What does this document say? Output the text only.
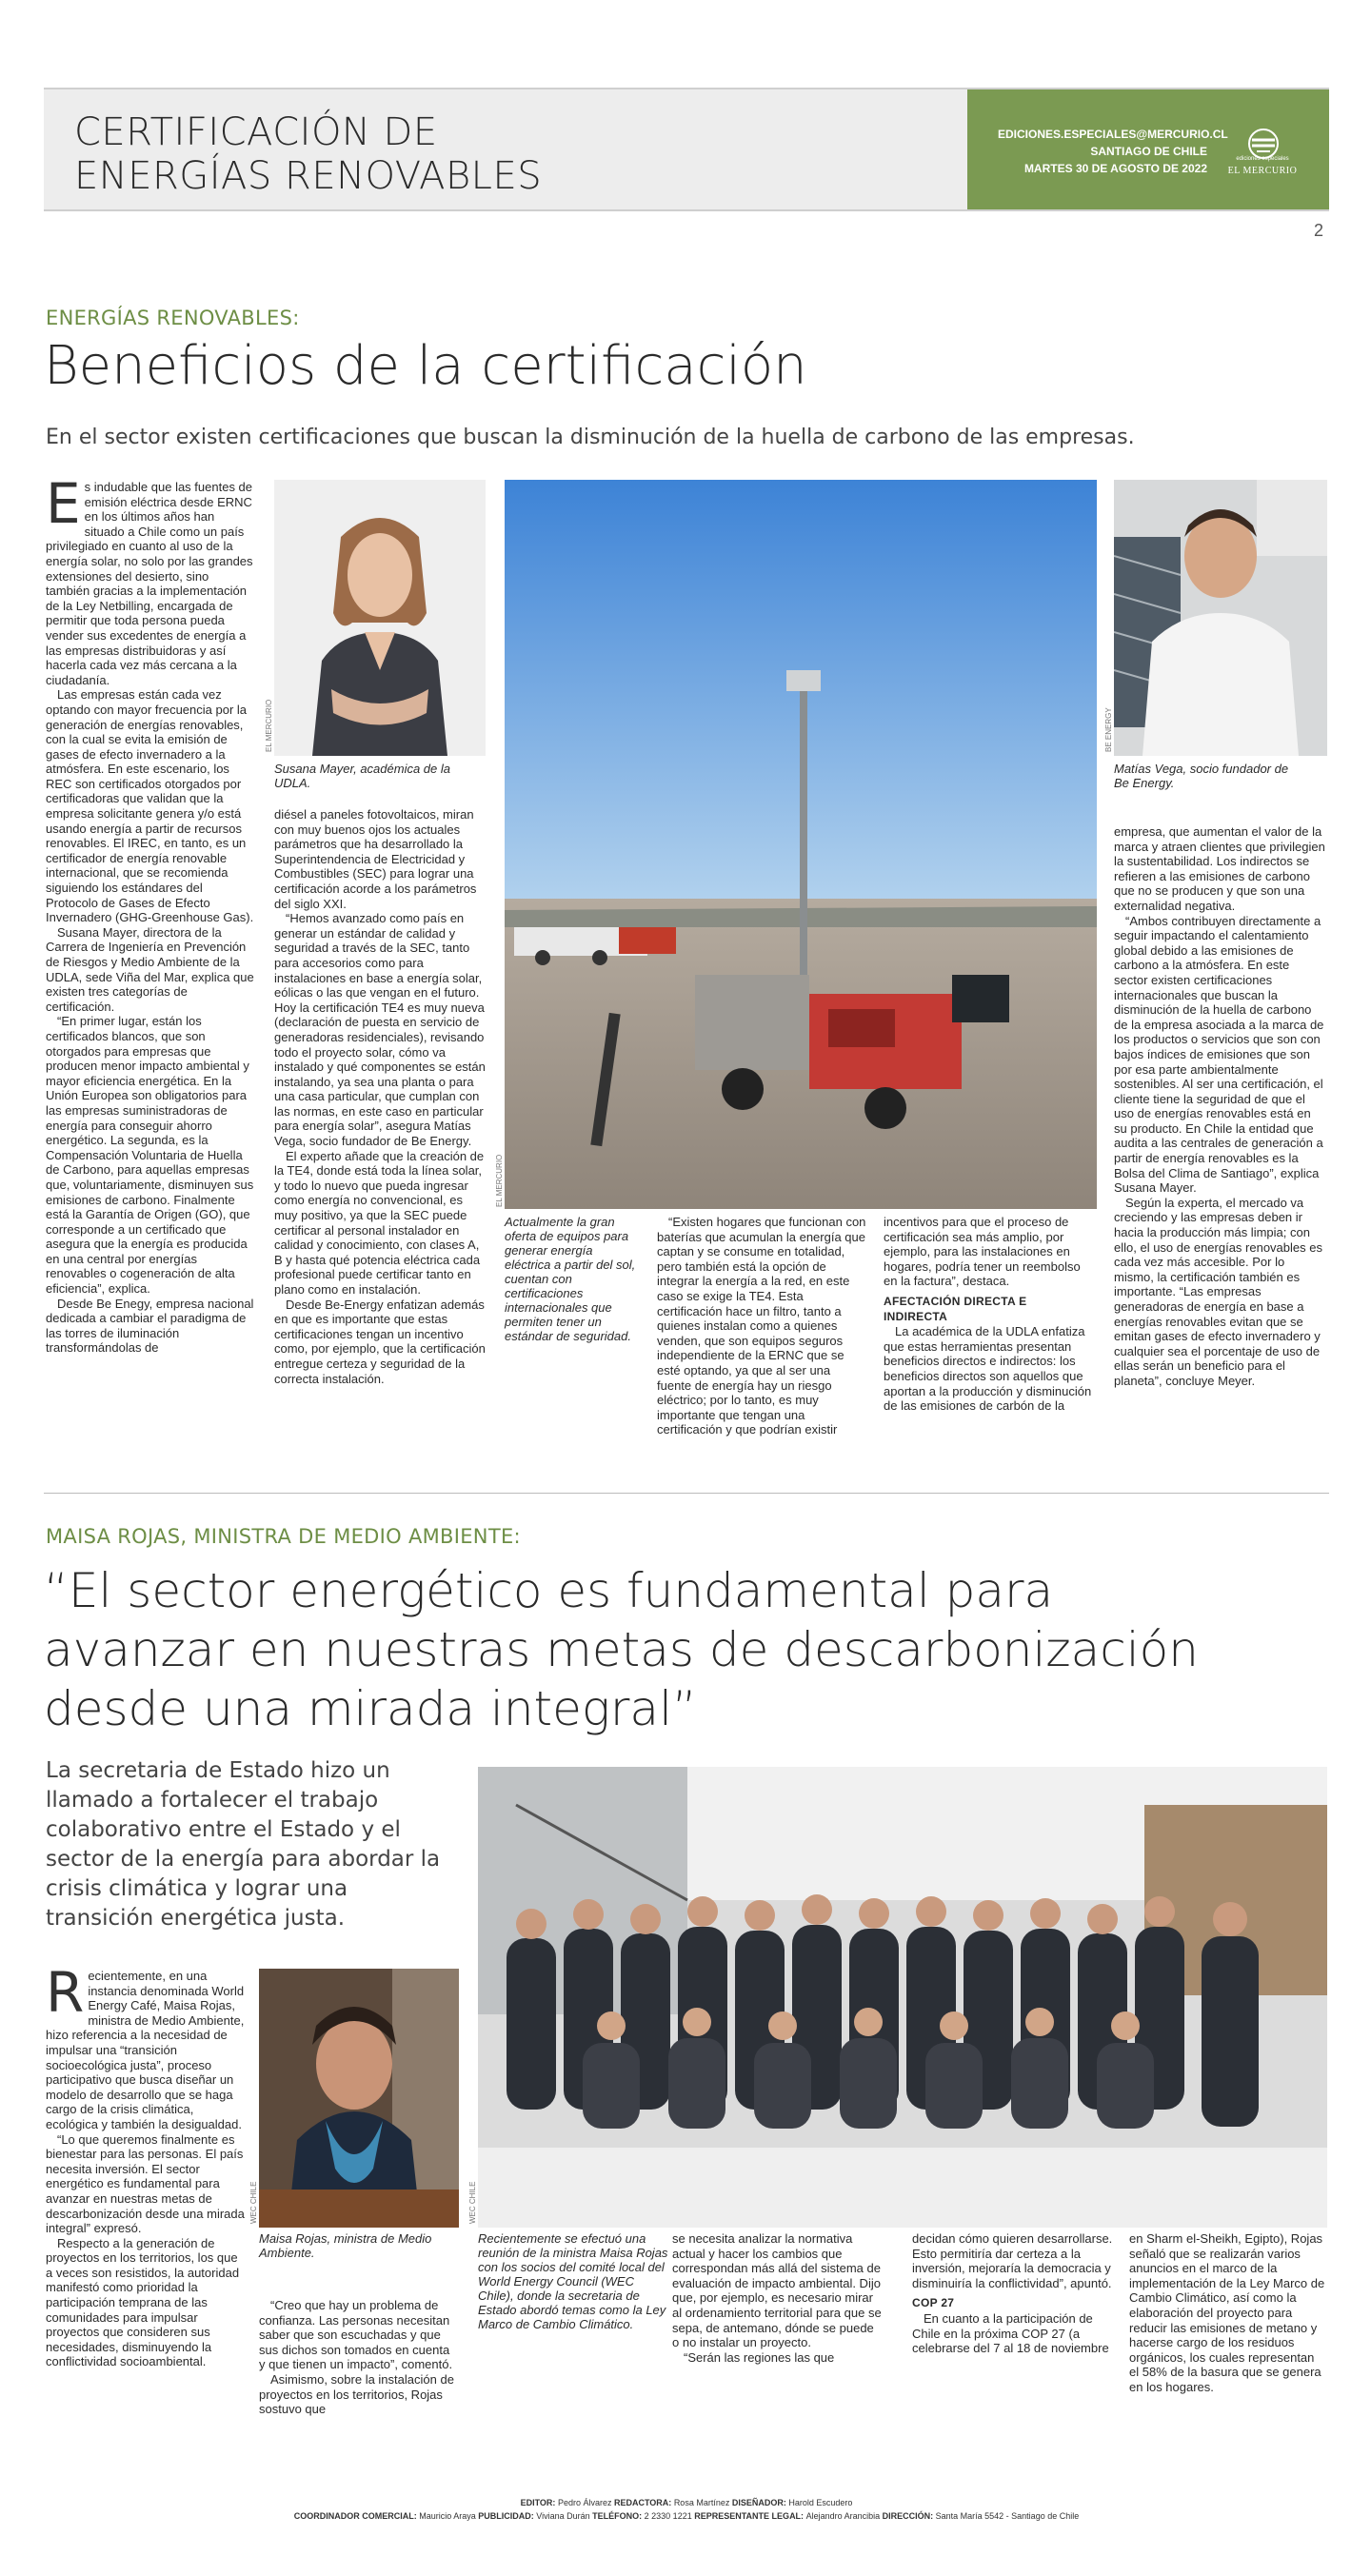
CERTIFICACIÓN DE
ENERGÍAS RENOVABLES
EDICIONES.ESPECIALES@MERCURIO.CL
SANTIAGO DE CHILE
MARTES 30 DE AGOSTO DE 2022
ediciones especiales
EL MERCURIO
2
ENERGÍAS RENOVABLES:
Beneficios de la certificación
En el sector existen certificaciones que buscan la disminución de la huella de carbono de las empresas.
E s indudable que las fuentes de emisión eléctrica desde ERNC en los últimos años han situado a Chile como un país privilegiado en cuanto al uso de la energía solar, no solo por las grandes extensiones del desierto, sino también gracias a la implementación de la Ley Netbilling, encargada de permitir que toda persona pueda vender sus excedentes de energía a las empresas distribuidoras y así hacerla cada vez más cercana a la ciudadanía.

Las empresas están cada vez optando con mayor frecuencia por la generación de energías renovables, con la cual se evita la emisión de gases de efecto invernadero a la atmósfera. En este escenario, los REC son certificados otorgados por certificadoras que validan que la empresa solicitante genera y/o está usando energía a partir de recursos renovables. El IREC, en tanto, es un certificador de energía renovable internacional, que se recomienda siguiendo los estándares del Protocolo de Gases de Efecto Invernadero (GHG-Greenhouse Gas).

Susana Mayer, directora de la Carrera de Ingeniería en Prevención de Riesgos y Medio Ambiente de la UDLA, sede Viña del Mar, explica que existen tres categorías de certificación.

“En primer lugar, están los certificados blancos, que son otorgados para empresas que producen menor impacto ambiental y mayor eficiencia energética. En la Unión Europea son obligatorios para las empresas suministradoras de energía para conseguir ahorro energético. La segunda, es la Compensación Voluntaria de Huella de Carbono, para aquellas empresas que, voluntariamente, disminuyen sus emisiones de carbono. Finalmente está la Garantía de Origen (GO), que corresponde a un certificado que asegura que la energía es producida en una central por energías renovables o cogeneración de alta eficiencia”, explica.

Desde Be Enegy, empresa nacional dedicada a cambiar el paradigma de las torres de iluminación transformándolas de

EL MERCURIO
Susana Mayer, académica de la UDLA.

diésel a paneles fotovoltaicos, miran con muy buenos ojos los actuales parámetros que ha desarrollado la Superintendencia de Electricidad y Combustibles (SEC) para lograr una certificación acorde a los parámetros del siglo XXI.

“Hemos avanzado como país en generar un estándar de calidad y seguridad a través de la SEC, tanto para accesorios como para instalaciones en base a energía solar, eólicas o las que vengan en el futuro. Hoy la certificación TE4 es muy nueva (declaración de puesta en servicio de generadoras residenciales), revisando todo el proyecto solar, cómo va instalado y qué componentes se están instalando, ya sea una planta o para una casa particular, que cumplan con las normas, en este caso en particular para energía solar”, asegura Matías Vega, socio fundador de Be Energy.

El experto añade que la creación de la TE4, donde está toda la línea solar, y todo lo nuevo que pueda ingresar como energía no convencional, es muy positivo, ya que la SEC puede certificar al personal instalador en calidad y conocimiento, con clases A, B y hasta qué potencia eléctrica cada profesional puede certificar tanto en plano como en instalación.

Desde Be-Energy enfatizan además en que es importante que estas certificaciones tengan un incentivo como, por ejemplo, que la certificación entregue certeza y seguridad de la correcta instalación.

EL MERCURIO
Actualmente la gran oferta de equipos para generar energía eléctrica a partir del sol, cuentan con certificaciones internacionales que permiten tener un estándar de seguridad.

“Existen hogares que funcionan con baterías que acumulan la energía que captan y se consume en totalidad, pero también está la opción de integrar la energía a la red, en este caso se exige la TE4. Esta certificación hace un filtro, tanto a quienes instalan como a quienes venden, que son equipos seguros independiente de la ERNC que se esté optando, ya que al ser una fuente de energía hay un riesgo eléctrico; por lo tanto, es muy importante que tengan una certificación y que podrían existir

incentivos para que el proceso de certificación sea más amplio, por ejemplo, para las instalaciones en hogares, podría tener un reembolso en la factura”, destaca.

AFECTACIÓN DIRECTA E INDIRECTA

La académica de la UDLA enfatiza que estas herramientas presentan beneficios directos e indirectos: los beneficios directos son aquellos que aportan a la producción y disminución de las emisiones de carbón de la

BE ENERGY
Matías Vega, socio fundador de Be Energy.

empresa, que aumentan el valor de la marca y atraen clientes que privilegien la sustentabilidad. Los indirectos se refieren a las emisiones de carbono que no se producen y que son una externalidad negativa.

“Ambos contribuyen directamente a seguir impactando el calentamiento global debido a las emisiones de carbono a la atmósfera. En este sector existen certificaciones internacionales que buscan la disminución de la huella de carbono de la empresa asociada a la marca de los productos o servicios que son con bajos índices de emisiones que son por esa parte ambientalmente sostenibles. Al ser una certificación, el cliente tiene la seguridad de que el uso de energías renovables está en su producto. En Chile la entidad que audita a las centrales de generación a partir de energía renovables es la Bolsa del Clima de Santiago”, explica Susana Mayer.

Según la experta, el mercado va creciendo y las empresas deben ir hacia la producción más limpia; con ello, el uso de energías renovables es cada vez más accesible. Por lo mismo, la certificación también es importante. “Las empresas generadoras de energía en base a energías renovables evitan que se emitan gases de efecto invernadero y cualquier sea el porcentaje de uso de ellas serán un beneficio para el planeta”, concluye Meyer.

MAISA ROJAS, MINISTRA DE MEDIO AMBIENTE:
“El sector energético es fundamental para
avanzar en nuestras metas de descarbonización
desde una mirada integral”
La secretaria de Estado hizo un llamado a fortalecer el trabajo colaborativo entre el Estado y el sector de la energía para abordar la crisis climática y lograr una transición energética justa.
R ecientemente, en una instancia denominada World Energy Café, Maisa Rojas, ministra de Medio Ambiente, hizo referencia a la necesidad de impulsar una “transición socioecológica justa”, proceso participativo que busca diseñar un modelo de desarrollo que se haga cargo de la crisis climática, ecológica y también la desigualdad.

“Lo que queremos finalmente es bienestar para las personas. El país necesita inversión. El sector energético es fundamental para avanzar en nuestras metas de descarbonización desde una mirada integral” expresó.

Respecto a la generación de proyectos en los territorios, los que a veces son resistidos, la autoridad manifestó como prioridad la participación temprana de las comunidades para impulsar proyectos que consideren sus necesidades, disminuyendo la conflictividad socioambiental.

WEC CHILE
Maisa Rojas, ministra de Medio Ambiente.

“Creo que hay un problema de confianza. Las personas necesitan saber que son escuchadas y que sus dichos son tomados en cuenta y que tienen un impacto”, comentó.

Asimismo, sobre la instalación de proyectos en los territorios, Rojas sostuvo que

WEC CHILE
Recientemente se efectuó una reunión de la ministra Maisa Rojas con los socios del comité local del World Energy Council (WEC Chile), donde la secretaria de Estado abordó temas como la Ley Marco de Cambio Climático.

se necesita analizar la normativa actual y hacer los cambios que correspondan más allá del sistema de evaluación de impacto ambiental. Dijo que, por ejemplo, es necesario mirar al ordenamiento territorial para que se sepa, de antemano, dónde se puede o no instalar un proyecto.

“Serán las regiones las que

decidan cómo quieren desarrollarse. Esto permitiría dar certeza a la inversión, mejoraría la democracia y disminuiría la conflictividad”, apuntó.

COP 27

En cuanto a la participación de Chile en la próxima COP 27 (a celebrarse del 7 al 18 de noviembre

en Sharm el-Sheikh, Egipto), Rojas señaló que se realizarán varios anuncios en el marco de la implementación de la Ley Marco de Cambio Climático, así como la elaboración del proyecto para reducir las emisiones de metano y hacerse cargo de los residuos orgánicos, los cuales representan el 58% de la basura que se genera en los hogares.

EDITOR: Pedro Álvarez REDACTORA: Rosa Martínez DISEÑADOR: Harold Escudero
COORDINADOR COMERCIAL: Mauricio Araya PUBLICIDAD: Viviana Durán TELÉFONO: 2 2330 1221 REPRESENTANTE LEGAL: Alejandro Arancibia DIRECCIÓN: Santa María 5542 - Santiago de Chile
